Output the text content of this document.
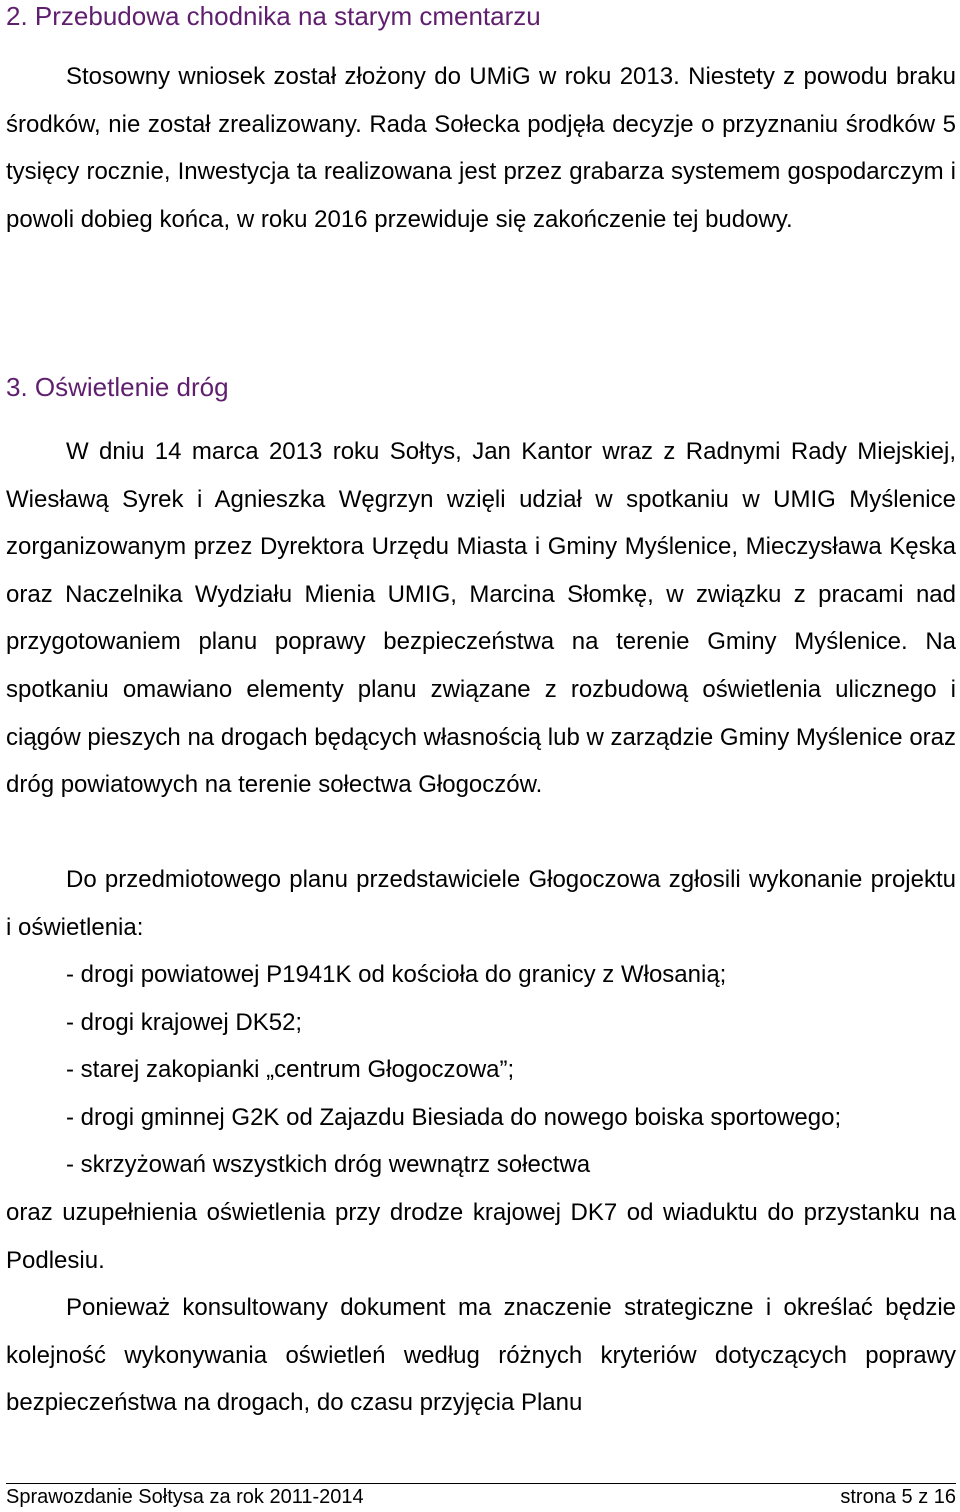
2. Przebudowa chodnika na starym cmentarzu

Stosowny wniosek został złożony do UMiG w roku 2013. Niestety z powodu braku środków, nie został zrealizowany. Rada Sołecka podjęła decyzje o przyznaniu środków 5 tysięcy rocznie, Inwestycja ta realizowana jest przez grabarza systemem gospodarczym i powoli dobieg końca, w roku 2016 przewiduje się zakończenie tej budowy.

3. Oświetlenie dróg

W dniu 14 marca 2013 roku Sołtys, Jan Kantor wraz z Radnymi Rady Miejskiej, Wiesławą Syrek i Agnieszka Węgrzyn wzięli udział w spotkaniu w UMIG Myślenice zorganizowanym przez Dyrektora Urzędu Miasta i Gminy Myślenice, Mieczysława Kęska oraz Naczelnika Wydziału Mienia UMIG, Marcina Słomkę, w związku z pracami nad przygotowaniem planu poprawy bezpieczeństwa na terenie Gminy Myślenice. Na spotkaniu omawiano elementy planu związane z rozbudową oświetlenia ulicznego i ciągów pieszych na drogach będących własnością lub w zarządzie Gminy Myślenice oraz dróg powiatowych na terenie sołectwa Głogoczów.

Do przedmiotowego planu przedstawiciele Głogoczowa zgłosili wykonanie projektu i oświetlenia:

- drogi powiatowej P1941K od kościoła do granicy z Włosanią;
- drogi krajowej DK52;
- starej zakopianki „centrum Głogoczowa”;
- drogi gminnej G2K od Zajazdu Biesiada do nowego boiska sportowego;
- skrzyżowań wszystkich dróg wewnątrz sołectwa

oraz uzupełnienia oświetlenia przy drodze krajowej DK7 od wiaduktu do przystanku na Podlesiu.

Ponieważ konsultowany dokument ma znaczenie strategiczne i określać będzie kolejność wykonywania oświetleń według różnych kryteriów dotyczących poprawy bezpieczeństwa na drogach, do czasu przyjęcia Planu

Sprawozdanie Sołtysa za rok 2011-2014	strona 5 z 16
